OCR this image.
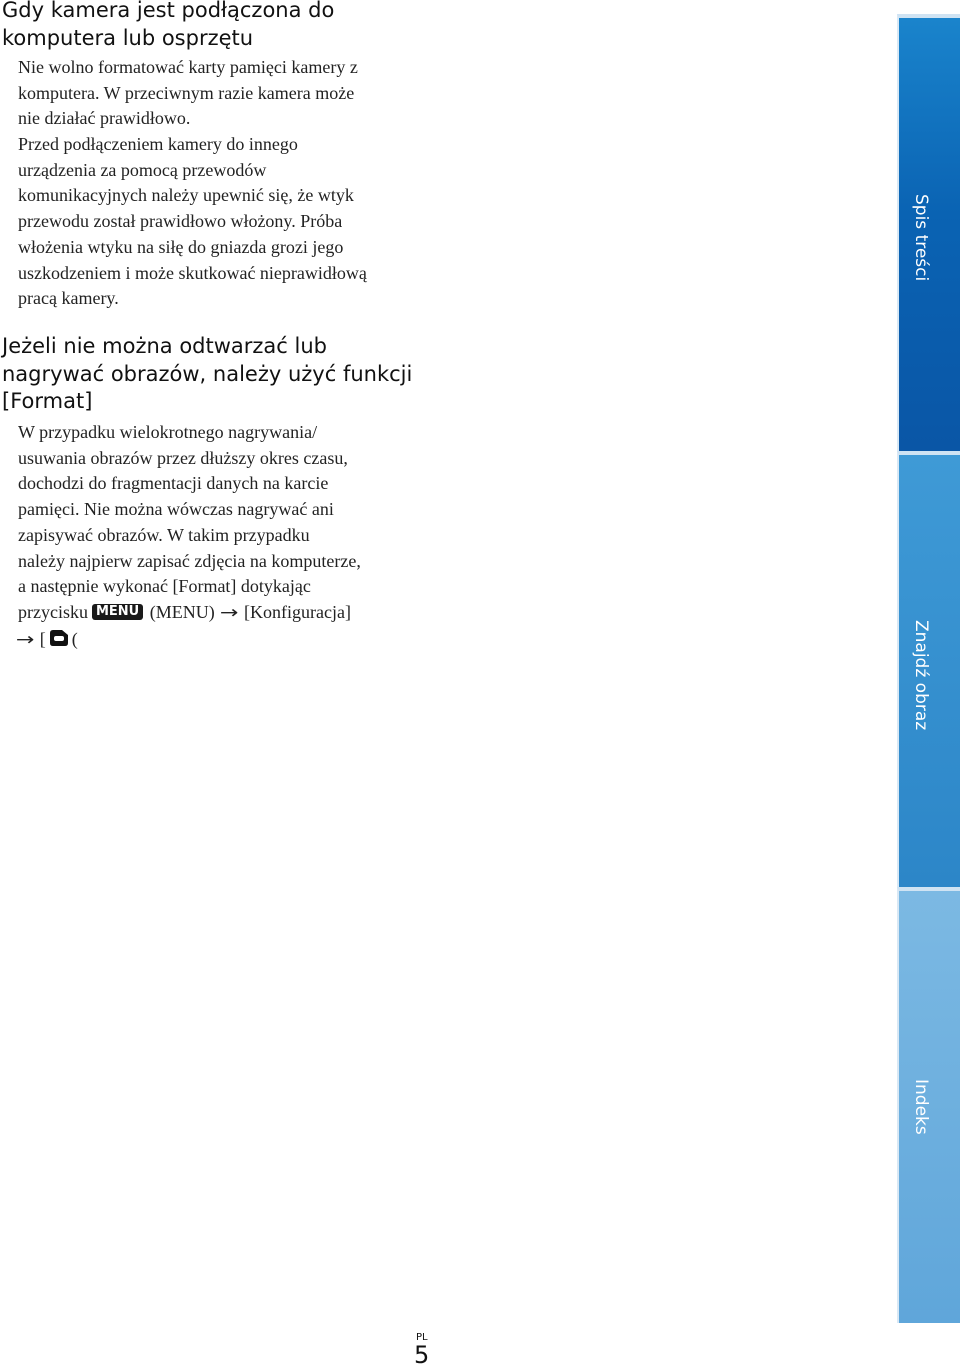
Gdy kamera jest podłączona do
komputera lub osprzętu

Nie wolno formatować karty pamięci kamery z
komputera. W przeciwnym razie kamera może
nie działać prawidłowo.

Przed podłączeniem kamery do innego
urządzenia za pomocą przewodów
komunikacyjnych należy upewnić się, że wtyk
przewodu został prawidłowo włożony. Próba
włożenia wtyku na siłę do gniazda grozi jego
uszkodzeniem i może skutkować nieprawidłową
pracą kamery.

Jeżeli nie można odtwarzać lub
nagrywać obrazów, należy użyć funkcji
[Format]

W przypadku wielokrotnego nagrywania/
usuwania obrazów przez dłuższy okres czasu,
dochodzi do fragmentacji danych na karcie
pamięci. Nie można wówczas nagrywać ani
zapisywać obrazów. W takim przypadku
należy najpierw zapisać zdjęcia na komputerze,
a następnie wykonać [Format] dotykając
przycisku MENU (MENU) → [Konfiguracja]
→ [ (

Spis treści
Znajdź obraz
Indeks
PL
5
